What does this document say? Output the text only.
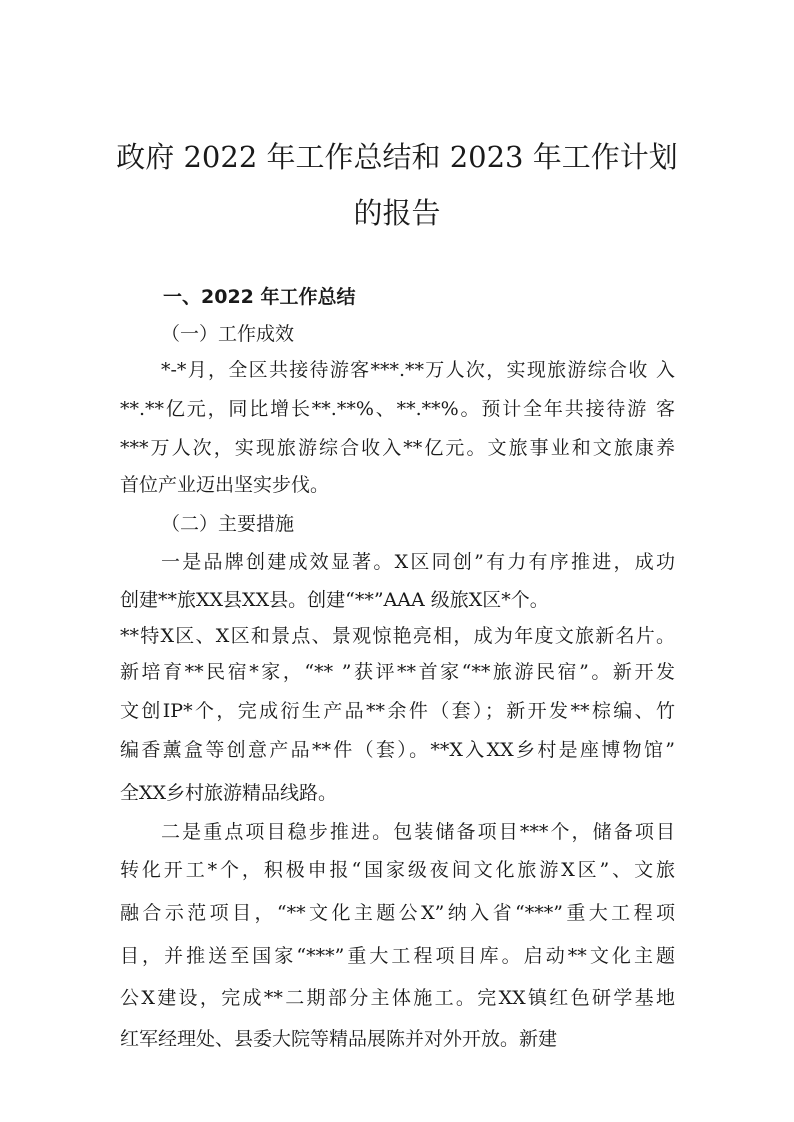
政府 2022 年工作总结和 2023 年工作计划
的报告
一、2022 年工作总结
（一）工作成效
*-*月，全区共接待游客***.**万人次，实现旅游综合收 入
**.**亿元，同比增长**.**%、**.**%。预计全年共接待游 客
***万人次，实现旅游综合收入**亿元。文旅事业和文旅康养
首位产业迈出坚实步伐。
（二）主要措施
一是品牌创建成效显著。X区同创”有力有序推进，成功
创建**旅XX县XX县。创建“**”AAA 级旅X区*个。
**特X区、X区和景点、景观惊艳亮相，成为年度文旅新名片。
新培育**民宿*家，“** ”获评**首家“**旅游民宿”。新开发
文创IP*个，完成衍生产品**余件（套）；新开发**棕编、竹
编香薰盒等创意产品**件（套）。**X入XX乡村是座博物馆”
全XX乡村旅游精品线路。
二是重点项目稳步推进。包装储备项目***个，储备项目
转化开工*个，积极申报“国家级夜间文化旅游X区”、文旅
融合示范项目，“**文化主题公X”纳入省“***”重大工程项
目，并推送至国家“***”重大工程项目库。启动**文化主题
公X建设，完成**二期部分主体施工。完XX镇红色研学基地
红军经理处、县委大院等精品展陈并对外开放。新建
